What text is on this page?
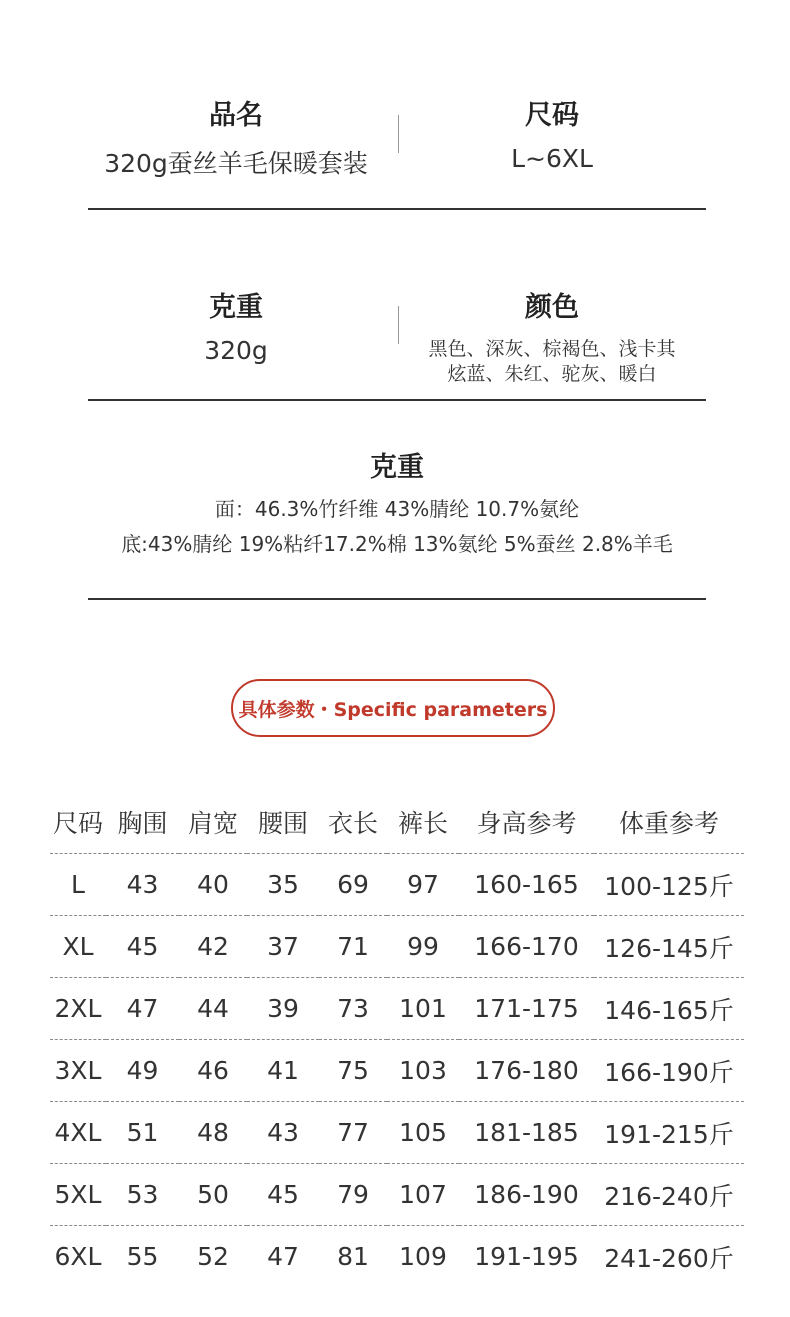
品名
320g蚕丝羊毛保暖套装
尺码
L~6XL
克重
320g
颜色
黑色、深灰、棕褐色、浅卡其
炫蓝、朱红、驼灰、暖白
克重
面：46.3%竹纤维 43%腈纶 10.7%氨纶
底:43%腈纶 19%粘纤17.2%棉 13%氨纶 5%蚕丝 2.8%羊毛
具体参数・Specific parameters
尺码	胸围	肩宽	腰围	衣长	裤长	身高参考	体重参考
L	43	40	35	69	97	160-165	100-125斤
XL	45	42	37	71	99	166-170	126-145斤
2XL	47	44	39	73	101	171-175	146-165斤
3XL	49	46	41	75	103	176-180	166-190斤
4XL	51	48	43	77	105	181-185	191-215斤
5XL	53	50	45	79	107	186-190	216-240斤
6XL	55	52	47	81	109	191-195	241-260斤
